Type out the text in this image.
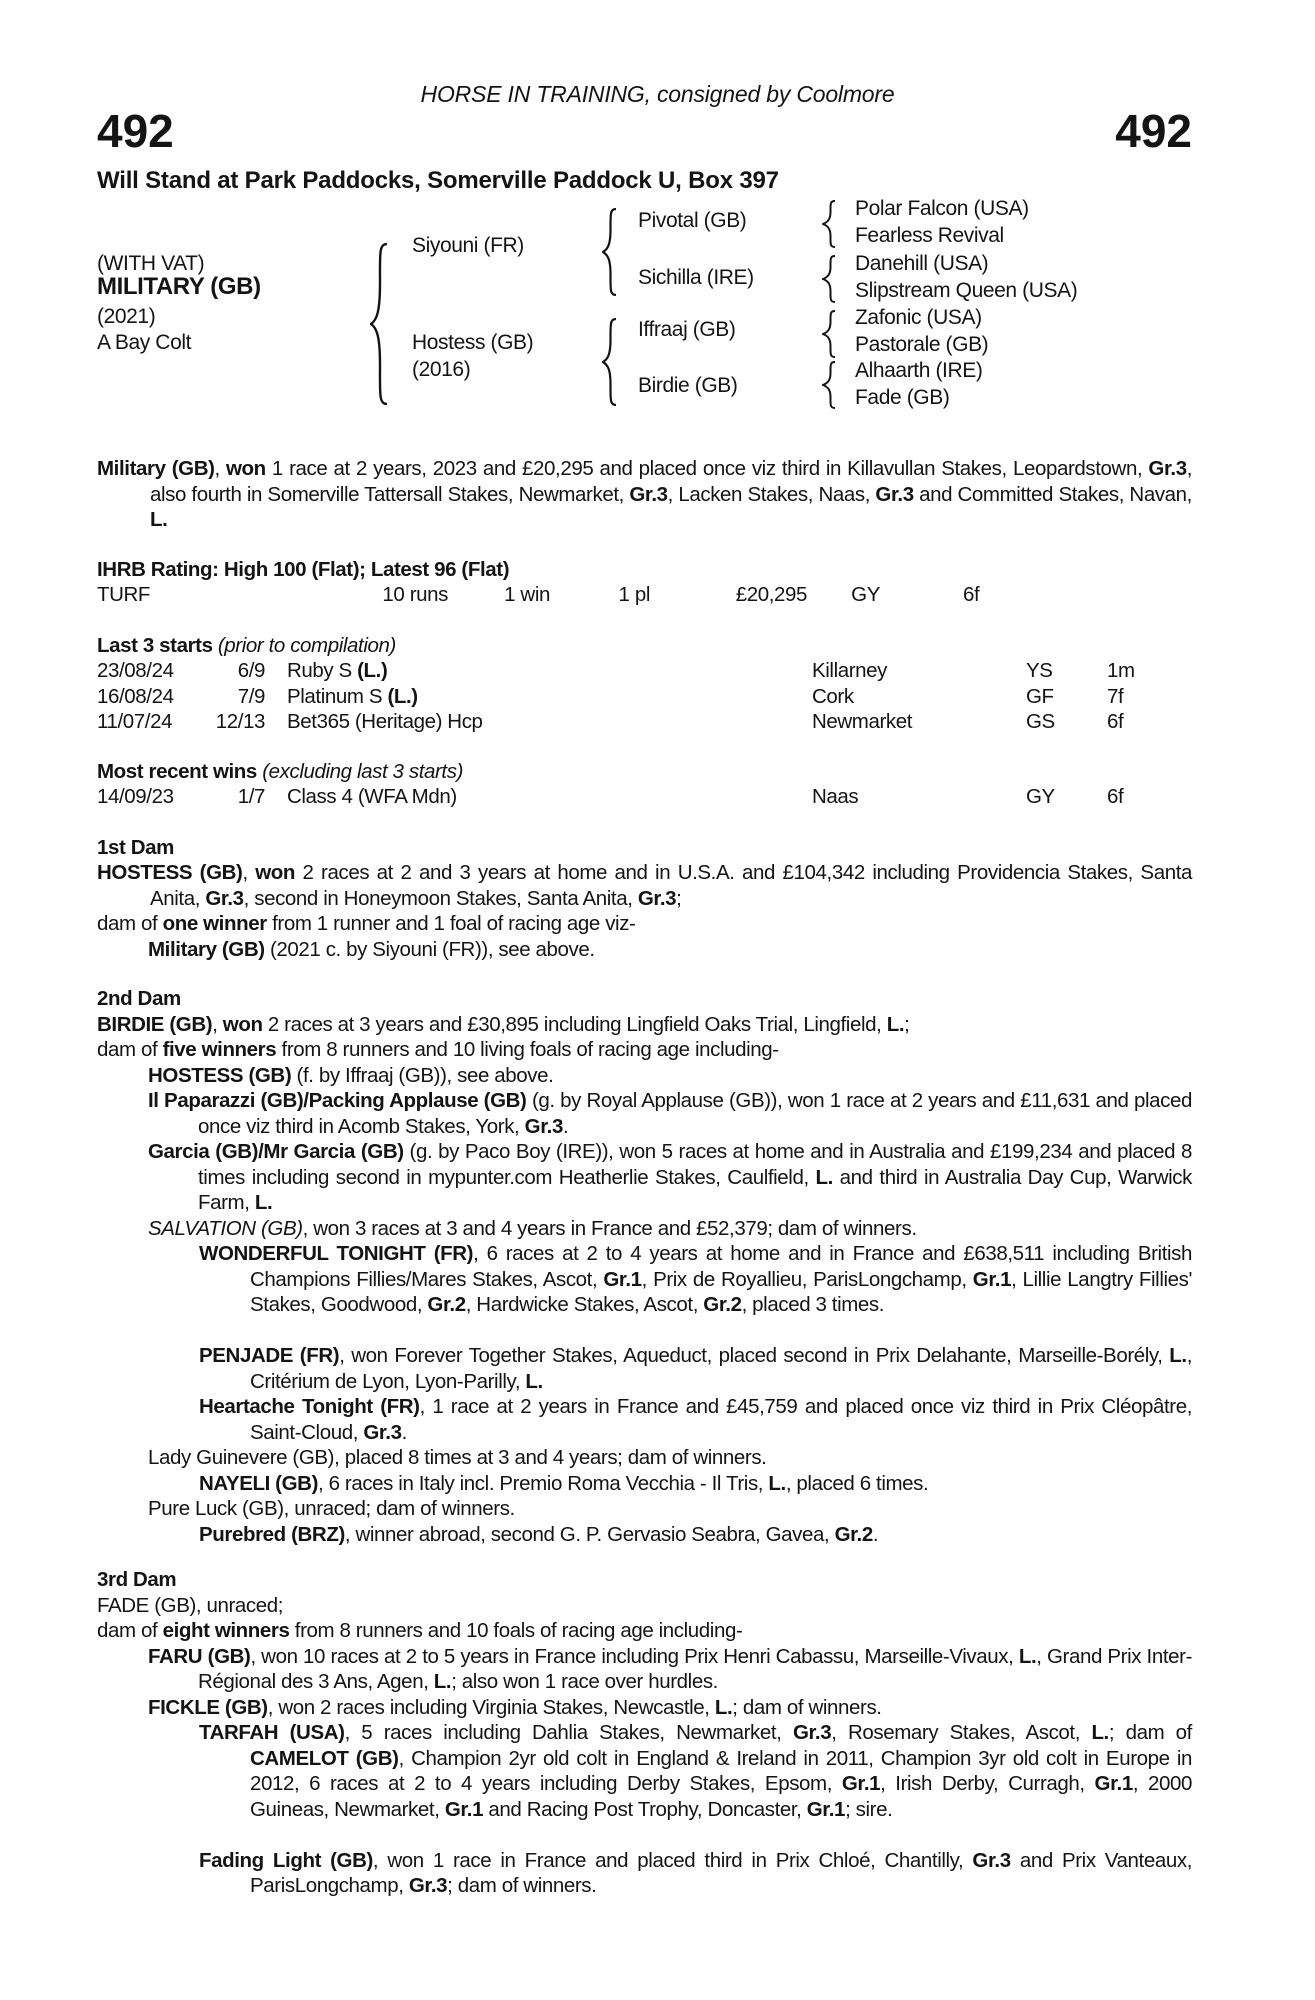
HORSE IN TRAINING, consigned by Coolmore
492	492
Will Stand at Park Paddocks, Somerville Paddock U, Box 397
(WITH VAT)
MILITARY (GB)
(2021)
A Bay Colt
Siyouni (FR)
Hostess (GB)
(2016)
Pivotal (GB)
Sichilla (IRE)
Iffraaj (GB)
Birdie (GB)
Polar Falcon (USA)
Fearless Revival
Danehill (USA)
Slipstream Queen (USA)
Zafonic (USA)
Pastorale (GB)
Alhaarth (IRE)
Fade (GB)

Military (GB), won 1 race at 2 years, 2023 and £20,295 and placed once viz third in Killavullan Stakes, Leopardstown, Gr.3, also fourth in Somerville Tattersall Stakes, Newmarket, Gr.3, Lacken Stakes, Naas, Gr.3 and Committed Stakes, Navan, L.

IHRB Rating: High 100 (Flat); Latest 96 (Flat)

TURF	10 runs	1 win	1 pl	£20,295	GY	6f

Last 3 starts (prior to compilation)

23/08/24	6/9	Ruby S (L.)	Killarney	YS	1m
16/08/24	7/9	Platinum S (L.)	Cork	GF	7f
11/07/24	12/13	Bet365 (Heritage) Hcp	Newmarket	GS	6f

Most recent wins (excluding last 3 starts)

14/09/23	1/7	Class 4 (WFA Mdn)	Naas	GY	6f

1st Dam

HOSTESS (GB), won 2 races at 2 and 3 years at home and in U.S.A. and £104,342 including Providencia Stakes, Santa Anita, Gr.3, second in Honeymoon Stakes, Santa Anita, Gr.3;

dam of one winner from 1 runner and 1 foal of racing age viz-

Military (GB) (2021 c. by Siyouni (FR)), see above.

2nd Dam

BIRDIE (GB), won 2 races at 3 years and £30,895 including Lingfield Oaks Trial, Lingfield, L.;

dam of five winners from 8 runners and 10 living foals of racing age including-

HOSTESS (GB) (f. by Iffraaj (GB)), see above.

Il Paparazzi (GB)/Packing Applause (GB) (g. by Royal Applause (GB)), won 1 race at 2 years and £11,631 and placed once viz third in Acomb Stakes, York, Gr.3.

Garcia (GB)/Mr Garcia (GB) (g. by Paco Boy (IRE)), won 5 races at home and in Australia and £199,234 and placed 8 times including second in mypunter.com Heatherlie Stakes, Caulfield, L. and third in Australia Day Cup, Warwick Farm, L.

SALVATION (GB), won 3 races at 3 and 4 years in France and £52,379; dam of winners.

WONDERFUL TONIGHT (FR), 6 races at 2 to 4 years at home and in France and £638,511 including British Champions Fillies/Mares Stakes, Ascot, Gr.1, Prix de Royallieu, ParisLongchamp, Gr.1, Lillie Langtry Fillies' Stakes, Goodwood, Gr.2, Hardwicke Stakes, Ascot, Gr.2, placed 3 times.

PENJADE (FR), won Forever Together Stakes, Aqueduct, placed second in Prix Delahante, Marseille-Borély, L., Critérium de Lyon, Lyon-Parilly, L.

Heartache Tonight (FR), 1 race at 2 years in France and £45,759 and placed once viz third in Prix Cléopâtre, Saint-Cloud, Gr.3.

Lady Guinevere (GB), placed 8 times at 3 and 4 years; dam of winners.

NAYELI (GB), 6 races in Italy incl. Premio Roma Vecchia - Il Tris, L., placed 6 times.

Pure Luck (GB), unraced; dam of winners.

Purebred (BRZ), winner abroad, second G. P. Gervasio Seabra, Gavea, Gr.2.

3rd Dam

FADE (GB), unraced;

dam of eight winners from 8 runners and 10 foals of racing age including-

FARU (GB), won 10 races at 2 to 5 years in France including Prix Henri Cabassu, Marseille-Vivaux, L., Grand Prix Inter-Régional des 3 Ans, Agen, L.; also won 1 race over hurdles.

FICKLE (GB), won 2 races including Virginia Stakes, Newcastle, L.; dam of winners.

TARFAH (USA), 5 races including Dahlia Stakes, Newmarket, Gr.3, Rosemary Stakes, Ascot, L.; dam of CAMELOT (GB), Champion 2yr old colt in England & Ireland in 2011, Champion 3yr old colt in Europe in 2012, 6 races at 2 to 4 years including Derby Stakes, Epsom, Gr.1, Irish Derby, Curragh, Gr.1, 2000 Guineas, Newmarket, Gr.1 and Racing Post Trophy, Doncaster, Gr.1; sire.

Fading Light (GB), won 1 race in France and placed third in Prix Chloé, Chantilly, Gr.3 and Prix Vanteaux, ParisLongchamp, Gr.3; dam of winners.
